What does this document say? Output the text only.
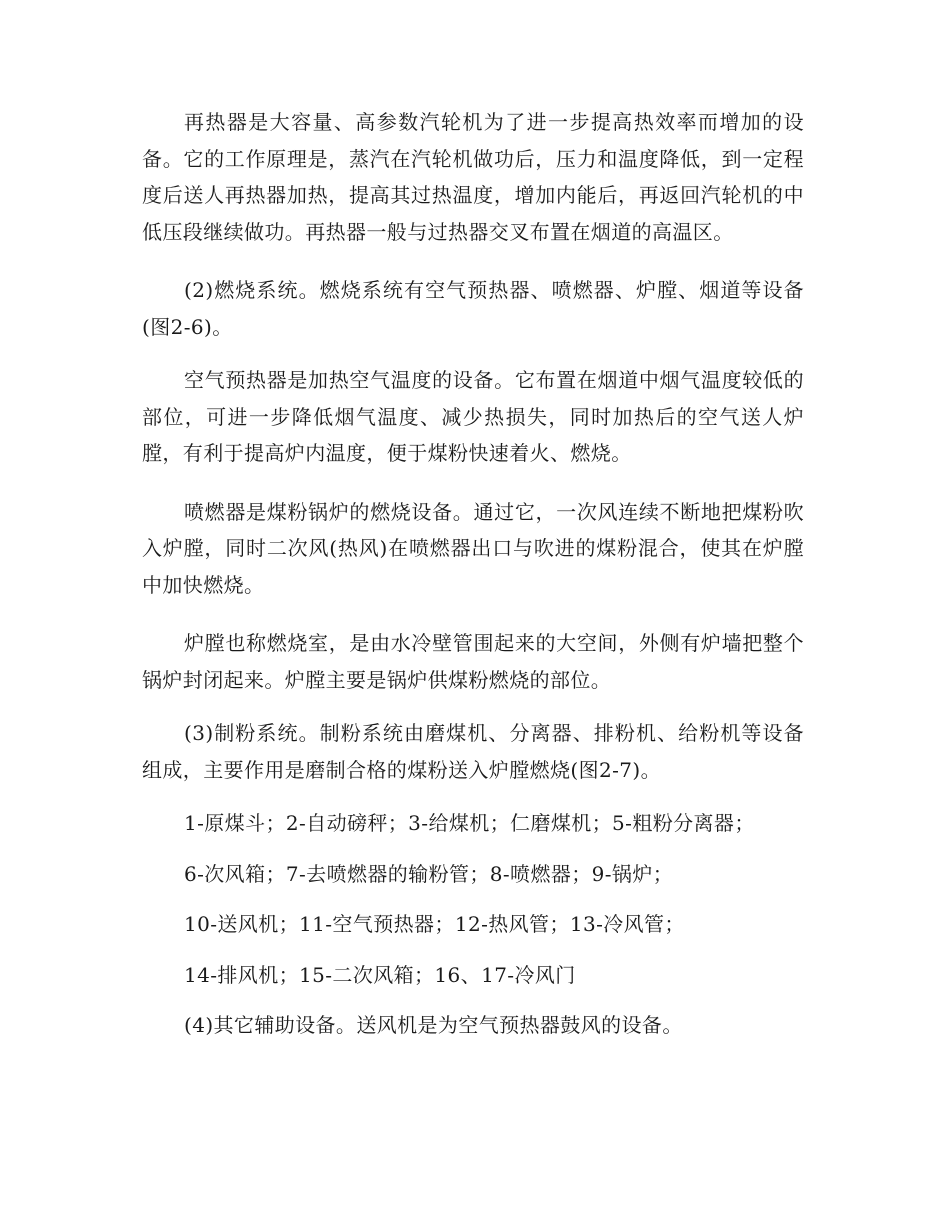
再热器是大容量、高参数汽轮机为了进一步提高热效率而增加的设备。它的工作原理是，蒸汽在汽轮机做功后，压力和温度降低，到一定程度后送人再热器加热，提高其过热温度，增加内能后，再返回汽轮机的中低压段继续做功。再热器一般与过热器交叉布置在烟道的高温区。

(2)燃烧系统。燃烧系统有空气预热器、喷燃器、炉膛、烟道等设备(图2-6)。

空气预热器是加热空气温度的设备。它布置在烟道中烟气温度较低的部位，可进一步降低烟气温度、减少热损失，同时加热后的空气送人炉膛，有利于提高炉内温度，便于煤粉快速着火、燃烧。

喷燃器是煤粉锅炉的燃烧设备。通过它，一次风连续不断地把煤粉吹入炉膛，同时二次风(热风)在喷燃器出口与吹进的煤粉混合，使其在炉膛中加快燃烧。

炉膛也称燃烧室，是由水冷壁管围起来的大空间，外侧有炉墙把整个锅炉封闭起来。炉膛主要是锅炉供煤粉燃烧的部位。

(3)制粉系统。制粉系统由磨煤机、分离器、排粉机、给粉机等设备组成，主要作用是磨制合格的煤粉送入炉膛燃烧(图2-7)。

1-原煤斗；2-自动磅秤；3-给煤机；仁磨煤机；5-粗粉分离器；

6-次风箱；7-去喷燃器的输粉管；8-喷燃器；9-锅炉；

10-送风机；11-空气预热器；12-热风管；13-冷风管；

14-排风机；15-二次风箱；16、17-冷风门

(4)其它辅助设备。送风机是为空气预热器鼓风的设备。
